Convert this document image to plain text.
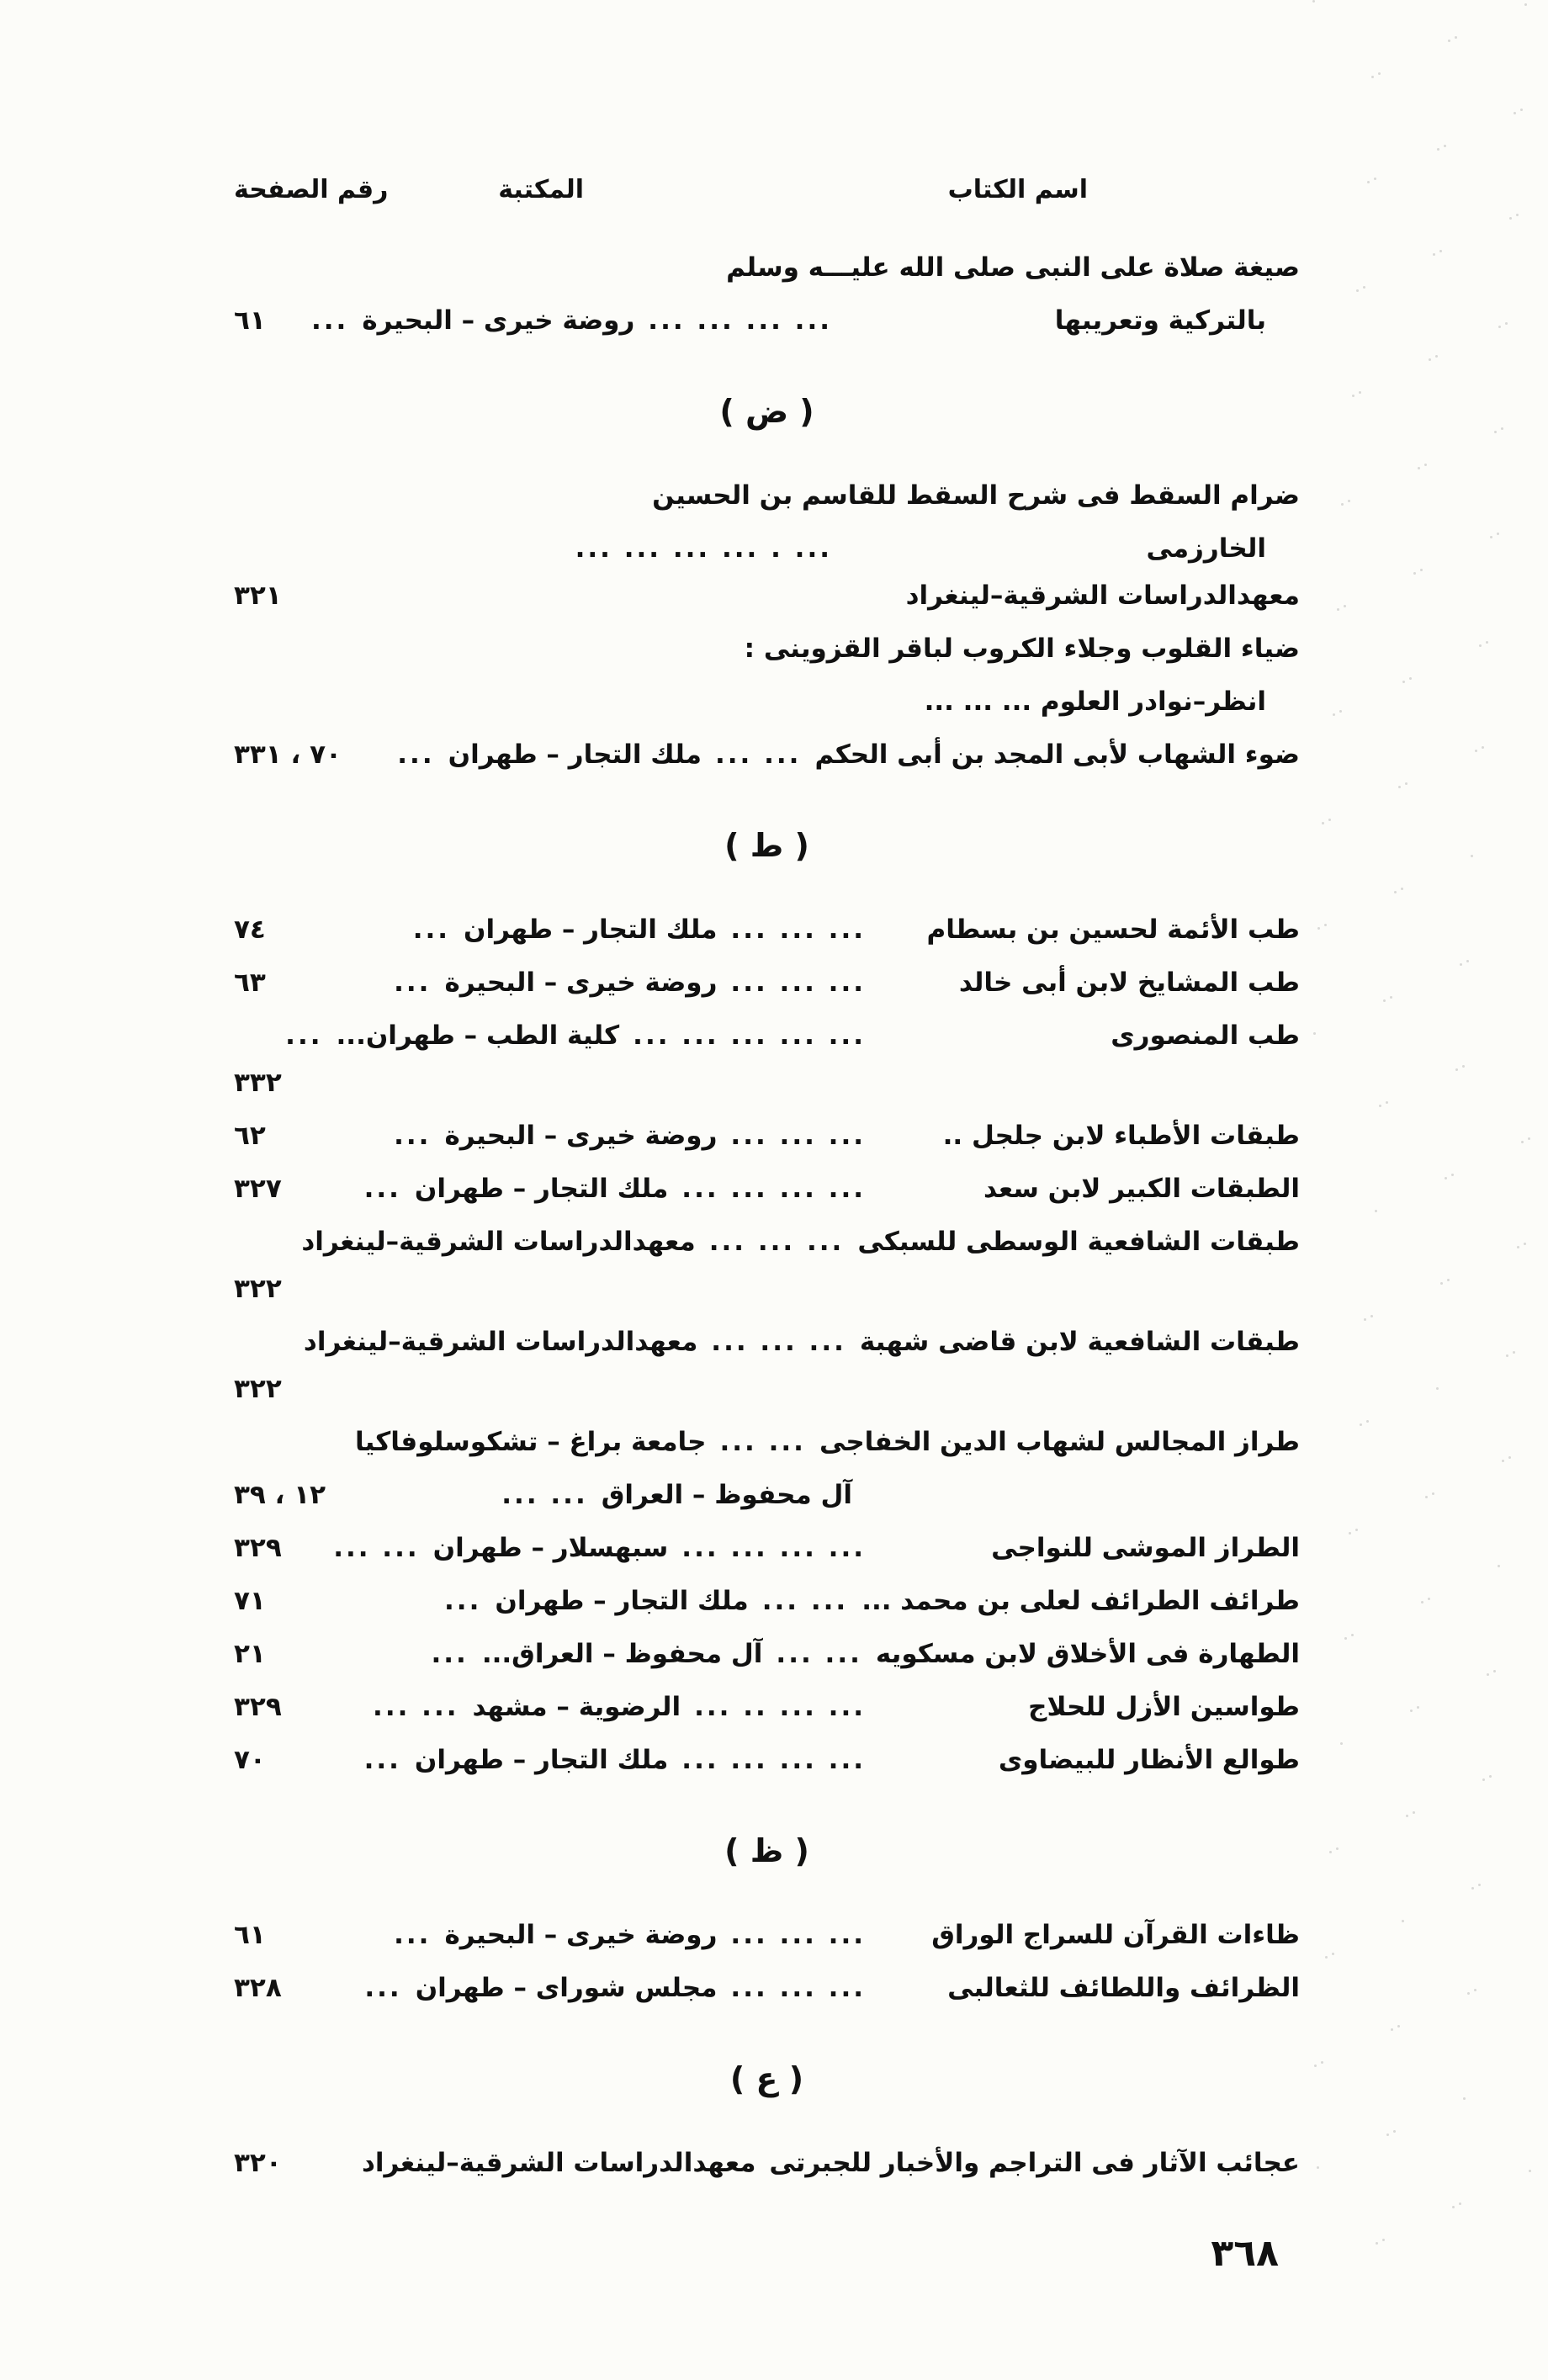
اسم الكتاب
المكتبة
رقم الصفحة
صيغة صلاة على النبى صلى الله عليـــه وسلم
بالتركية وتعريبها
... ... ... ...
روضة خيرى – البحيرة
...
٦١
( ض )
ضرام السقط فى شرح السقط للقاسم بن الحسين
الخارزمى
... . ... ... ... ...
معهدالدراسات الشرقية–لينغراد
٣٢١
ضياء القلوب وجلاء الكروب لباقر القزوينى :
انظر–نوادر العلوم ... ... ...
ضوء الشهاب لأبى المجد بن أبى الحكم
... ...
ملك التجار – طهران
...
٧٠ ، ٣٣١
( ط )
طب الأئمة لحسين بن بسطام
... ... ...
ملك التجار – طهران
...
٧٤
طب المشايخ لابن أبى خالد
... ... ...
روضة خيرى – البحيرة
...
٦٣
طب المنصورى
... ... ... ... ...
كلية الطب – طهران...
...
٣٣٢
طبقات الأطباء لابن جلجل ..
... ... ...
روضة خيرى – البحيرة
...
٦٢
الطبقات الكبير لابن سعد
... ... ... ...
ملك التجار – طهران
...
٣٢٧
طبقات الشافعية الوسطى للسبكى
... ... ...
معهدالدراسات الشرقية–لينغراد
٣٢٢
طبقات الشافعية لابن قاضى شهبة
... ... ...
معهدالدراسات الشرقية–لينغراد
٣٢٢
طراز المجالس لشهاب الدين الخفاجى
... ...
جامعة براغ – تشكوسلوفاكيا
آل محفوظ – العراق
... ...
١٢ ، ٣٩
الطراز الموشى للنواجى
... ... ... ...
سبهسلار – طهران
... ...
٣٢٩
طرائف الطرائف لعلى بن محمد ...
... ...
ملك التجار – طهران
...
٧١
الطهارة فى الأخلاق لابن مسكويه
... ...
آل محفوظ – العراق...
...
٢١
طواسين الأزل للحلاج
... ... .. ...
الرضوية – مشهد
... ...
٣٢٩
طوالع الأنظار للبيضاوى
... ... ... ...
ملك التجار – طهران
...
٧٠
( ظ )
ظاءات القرآن للسراج الوراق
... ... ...
روضة خيرى – البحيرة
...
٦١
الظرائف واللطائف للثعالبى
... ... ...
مجلس شوراى – طهران
...
٣٢٨
( ع )
عجائب الآثار فى التراجم والأخبار للجبرتى
معهدالدراسات الشرقية–لينغراد
٣٢٠
٣٦٨
